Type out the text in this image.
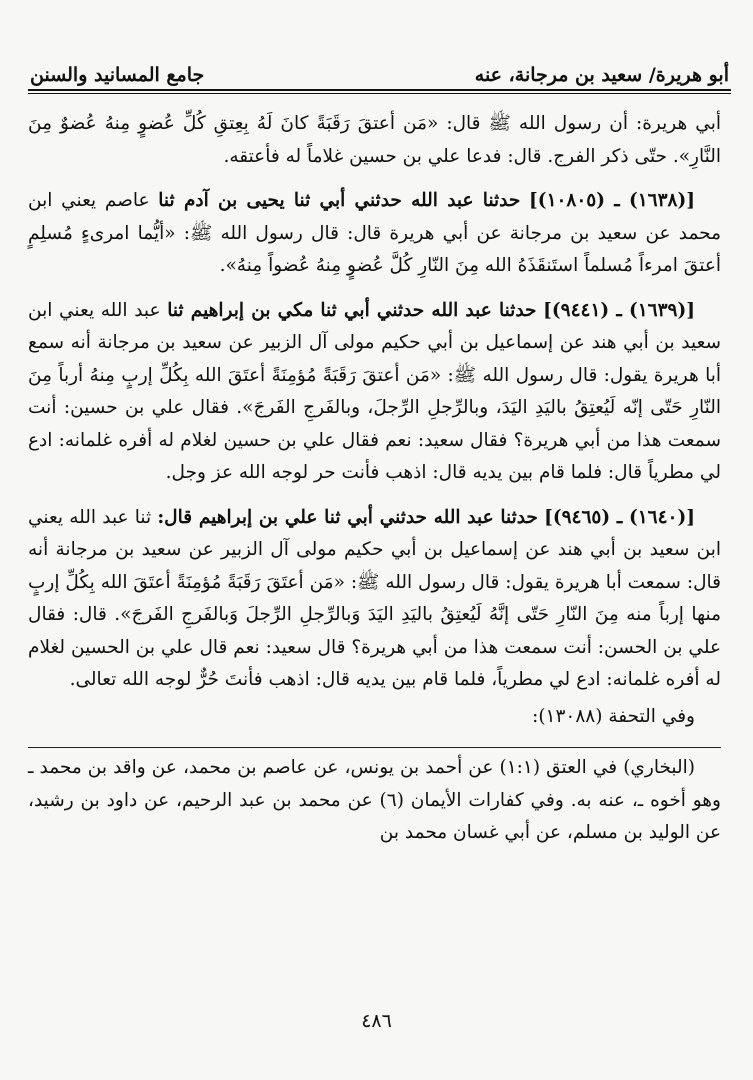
أبو هريرة/ سعيد بن مرجانة، عنه
جامع المسانيد والسنن

أبي هريرة: أن رسول الله ﷺ قال: «مَن أعتقَ رَقَبَةً كانَ لَهُ بِعِتقِ كُلِّ عُضوٍ مِنهُ عُضوٌ مِنَ النَّارِ». حتّى ذكر الفرج. قال: فدعا علي بن حسين غلاماً له فأعتقه.

[(١٦٣٨) ـ (١٠٨٠٥)] حدثنا عبد الله حدثني أبي ثنا يحيى بن آدم ثنا عاصم يعني ابن محمد عن سعيد بن مرجانة عن أبي هريرة قال: قال رسول الله ﷺ: «أيُّما امرىءٍ مُسلِمٍ أعتقَ امرءاً مُسلماً استَنقَذَهُ الله مِنَ النّارِ كُلَّ عُضوٍ مِنهُ عُضواً مِنهُ».

[(١٦٣٩) ـ (٩٤٤١)] حدثنا عبد الله حدثني أبي ثنا مكي بن إبراهيم ثنا عبد الله يعني ابن سعيد بن أبي هند عن إسماعيل بن أبي حكيم مولى آل الزبير عن سعيد بن مرجانة أنه سمع أبا هريرة يقول: قال رسول الله ﷺ: «مَن أعتقَ رَقَبَةً مُؤمِنَةً أعتَقَ الله بِكُلِّ إربٍ مِنهُ أرباً مِنَ النّارِ حَتّى إنّه لَيُعتِقُ باليَدِ اليَدَ، وبالرِّجلِ الرِّجلَ، وبالفَرجِ الفَرجَ». فقال علي بن حسين: أنت سمعت هذا من أبي هريرة؟ فقال سعيد: نعم فقال علي بن حسين لغلام له أفره غلمانه: ادع لي مطرياً قال: فلما قام بين يديه قال: اذهب فأنت حر لوجه الله عز وجل.

[(١٦٤٠) ـ (٩٤٦٥)] حدثنا عبد الله حدثني أبي ثنا علي بن إبراهيم قال: ثنا عبد الله يعني ابن سعيد بن أبي هند عن إسماعيل بن أبي حكيم مولى آل الزبير عن سعيد بن مرجانة أنه قال: سمعت أبا هريرة يقول: قال رسول الله ﷺ: «مَن أعتَقَ رَقَبَةً مُؤمِنَةً أعتَقَ الله بِكُلِّ إربٍ منها إرباً منه مِنَ النّارِ حَتّى إنَّهُ لَيُعتِقُ باليَدِ اليَدَ وَبالرِّجلِ الرِّجلَ وَبالفَرجِ الفَرجَ». قال: فقال علي بن الحسن: أنت سمعت هذا من أبي هريرة؟ قال سعيد: نعم قال علي بن الحسين لغلام له أفره غلمانه: ادع لي مطرياً، فلما قام بين يديه قال: اذهب فأنتَ حُرٌّ لوجه الله تعالى.

وفي التحفة (١٣٠٨٨):

(البخاري) في العتق (١:١) عن أحمد بن يونس، عن عاصم بن محمد، عن واقد بن محمد ـ وهو أخوه ـ، عنه به. وفي كفارات الأيمان (٦) عن محمد بن عبد الرحيم، عن داود بن رشيد، عن الوليد بن مسلم، عن أبي غسان محمد بن

٤٨٦
